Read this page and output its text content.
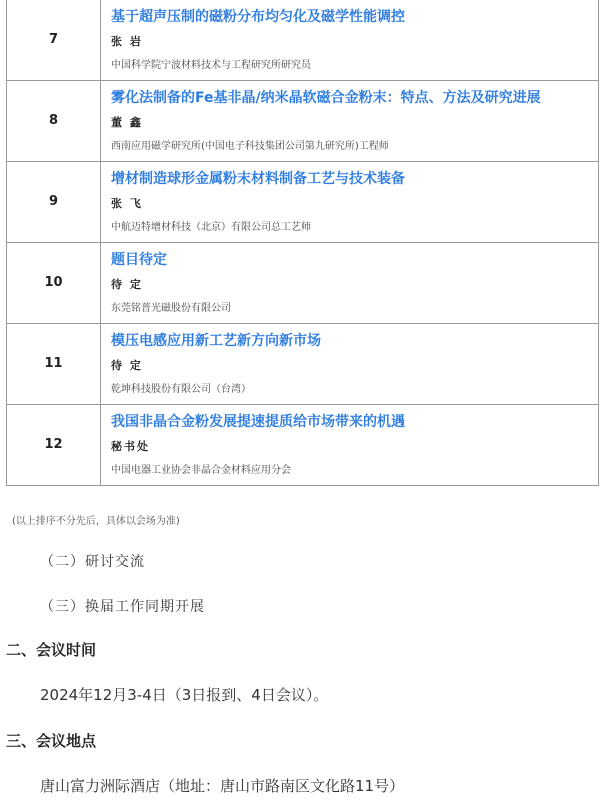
7	基于超声压制的磁粉分布均匀化及磁学性能调控
张 岩
中国科学院宁波材料技术与工程研究所研究员

8	雾化法制备的Fe基非晶/纳米晶软磁合金粉末：特点、方法及研究进展
董 鑫
西南应用磁学研究所(中国电子科技集团公司第九研究所)工程师

9	增材制造球形金属粉末材料制备工艺与技术装备
张 飞
中航迈特增材科技（北京）有限公司总工艺师

10	题目待定
待 定
东莞铭普光磁股份有限公司

11	模压电感应用新工艺新方向新市场
待 定
乾坤科技股份有限公司（台湾）

12	我国非晶合金粉发展提速提质给市场带来的机遇
秘书处
中国电器工业协会非晶合金材料应用分会
(以上排序不分先后，具体以会场为准)
（二）研讨交流
（三）换届工作同期开展
二、会议时间
2024年12月3-4日（3日报到、4日会议）。
三、会议地点
唐山富力洲际酒店（地址：唐山市路南区文化路11号）
